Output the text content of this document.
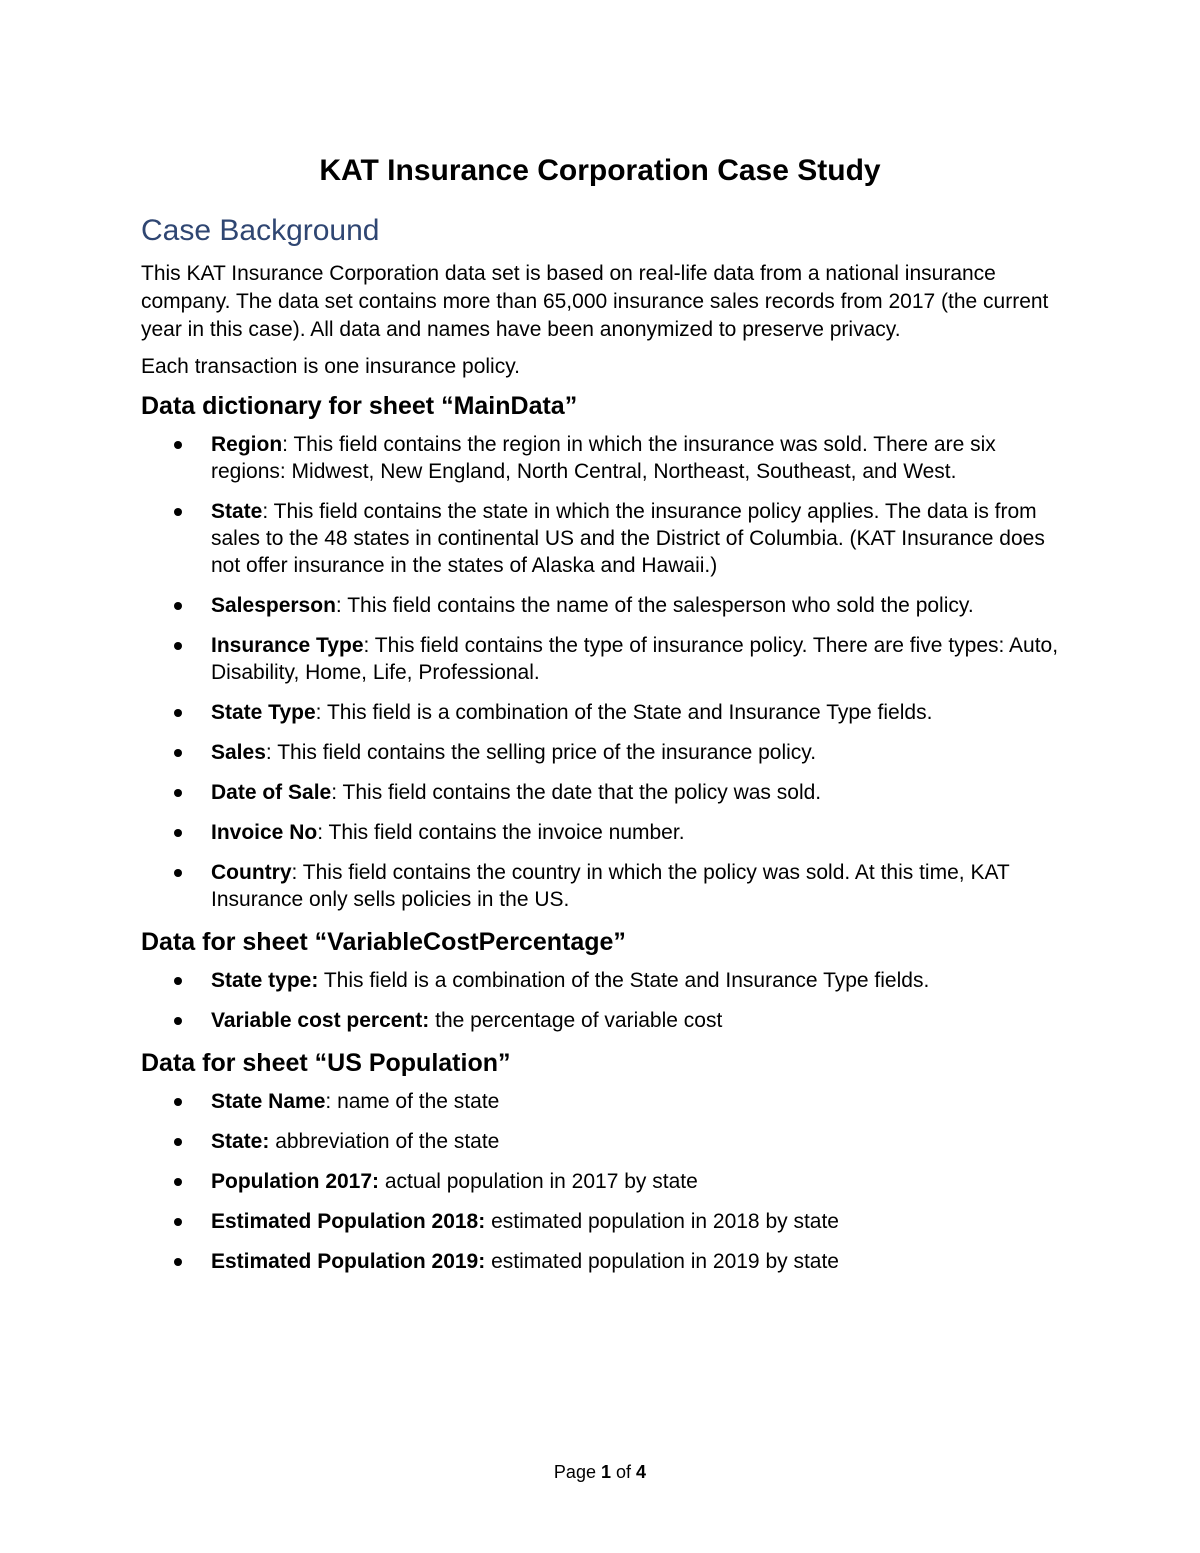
KAT Insurance Corporation Case Study
Case Background

This KAT Insurance Corporation data set is based on real-life data from a national insurance company. The data set contains more than 65,000 insurance sales records from 2017 (the current year in this case). All data and names have been anonymized to preserve privacy.

Each transaction is one insurance policy.

Data dictionary for sheet “MainData”
Region: This field contains the region in which the insurance was sold. There are six regions: Midwest, New England, North Central, Northeast, Southeast, and West.
State: This field contains the state in which the insurance policy applies. The data is from sales to the 48 states in continental US and the District of Columbia. (KAT Insurance does not offer insurance in the states of Alaska and Hawaii.)
Salesperson: This field contains the name of the salesperson who sold the policy.
Insurance Type: This field contains the type of insurance policy. There are five types: Auto, Disability, Home, Life, Professional.
State Type: This field is a combination of the State and Insurance Type fields.
Sales: This field contains the selling price of the insurance policy.
Date of Sale: This field contains the date that the policy was sold.
Invoice No: This field contains the invoice number.
Country: This field contains the country in which the policy was sold. At this time, KAT Insurance only sells policies in the US.
Data for sheet “VariableCostPercentage”
State type: This field is a combination of the State and Insurance Type fields.
Variable cost percent: the percentage of variable cost
Data for sheet “US Population”
State Name: name of the state
State: abbreviation of the state
Population 2017: actual population in 2017 by state
Estimated Population 2018: estimated population in 2018 by state
Estimated Population 2019: estimated population in 2019 by state
Page 1 of 4
